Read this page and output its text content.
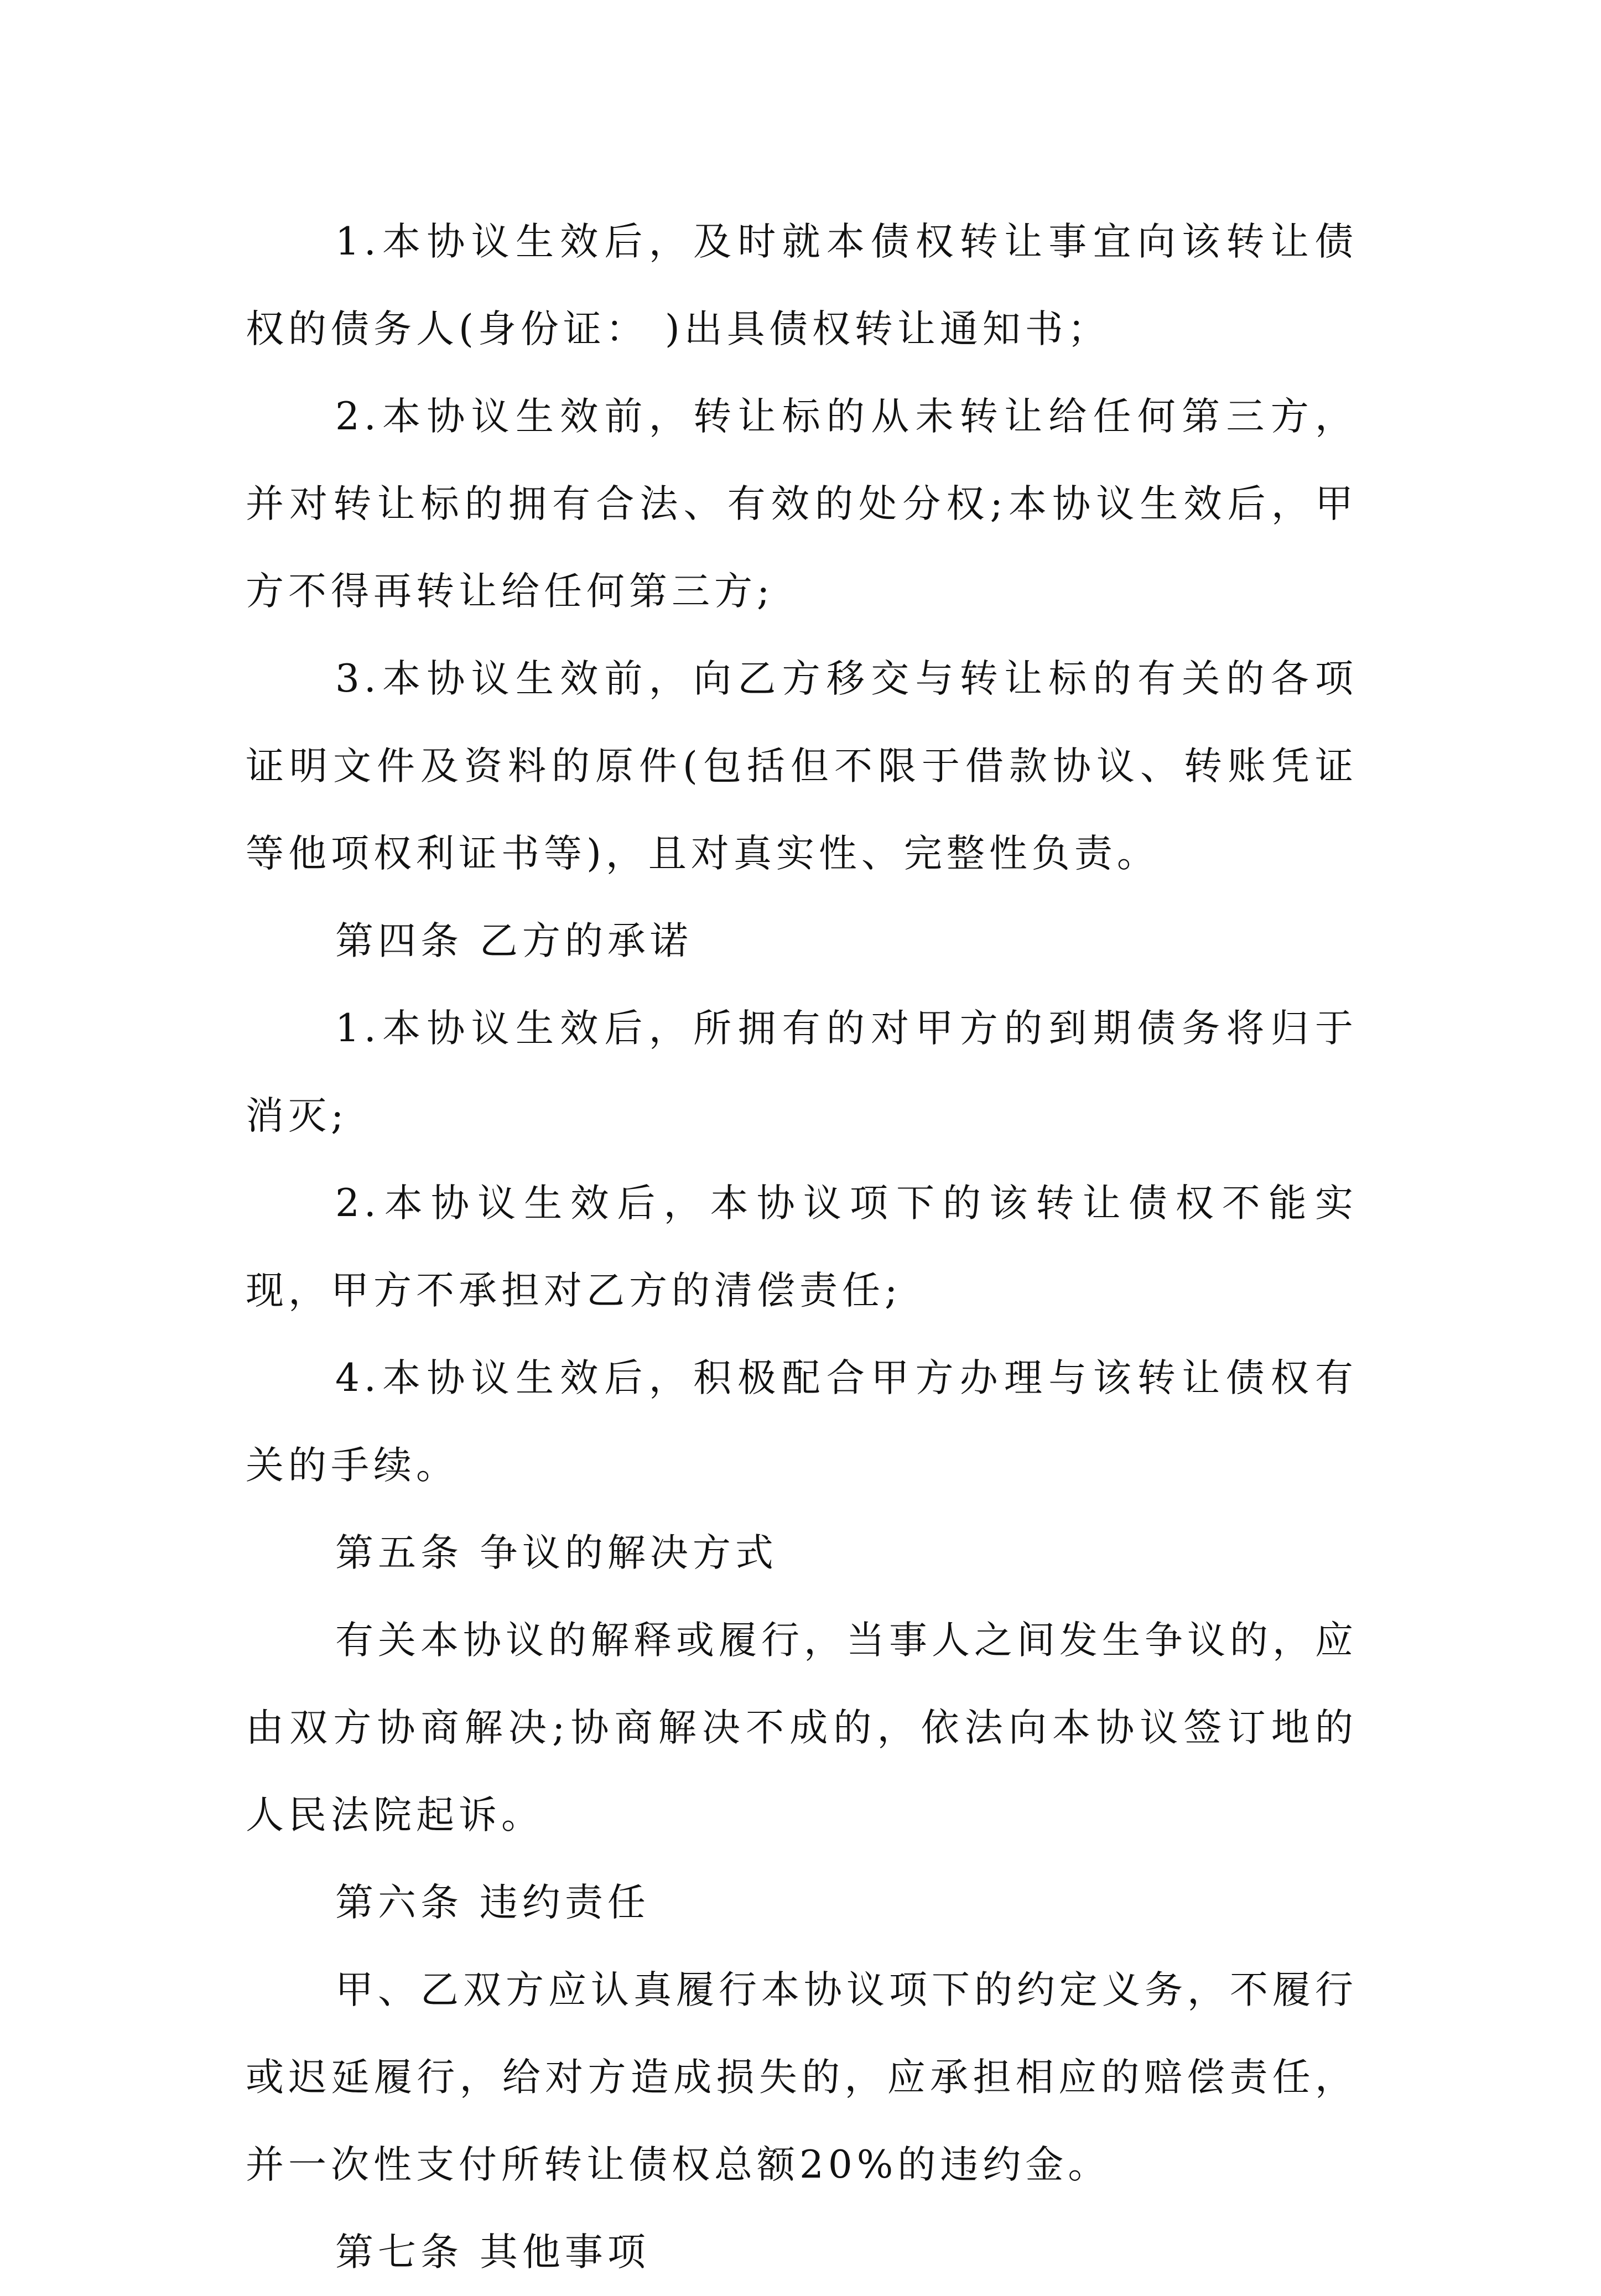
1.本协议生效后，及时就本债权转让事宜向该转让债权的债务人(身份证： )出具债权转让通知书；

2.本协议生效前，转让标的从未转让给任何第三方，并对转让标的拥有合法、有效的处分权;本协议生效后，甲方不得再转让给任何第三方;

3.本协议生效前，向乙方移交与转让标的有关的各项证明文件及资料的原件(包括但不限于借款协议、转账凭证等他项权利证书等)，且对真实性、完整性负责。

第四条 乙方的承诺

1.本协议生效后，所拥有的对甲方的到期债务将归于消灭;

2.本协议生效后，本协议项下的该转让债权不能实现，甲方不承担对乙方的清偿责任;

4.本协议生效后，积极配合甲方办理与该转让债权有关的手续。

第五条 争议的解决方式

有关本协议的解释或履行，当事人之间发生争议的，应由双方协商解决;协商解决不成的，依法向本协议签订地的人民法院起诉。

第六条 违约责任

甲、乙双方应认真履行本协议项下的约定义务，不履行或迟延履行，给对方造成损失的，应承担相应的赔偿责任，并一次性支付所转让债权总额20%的违约金。

第七条 其他事项
